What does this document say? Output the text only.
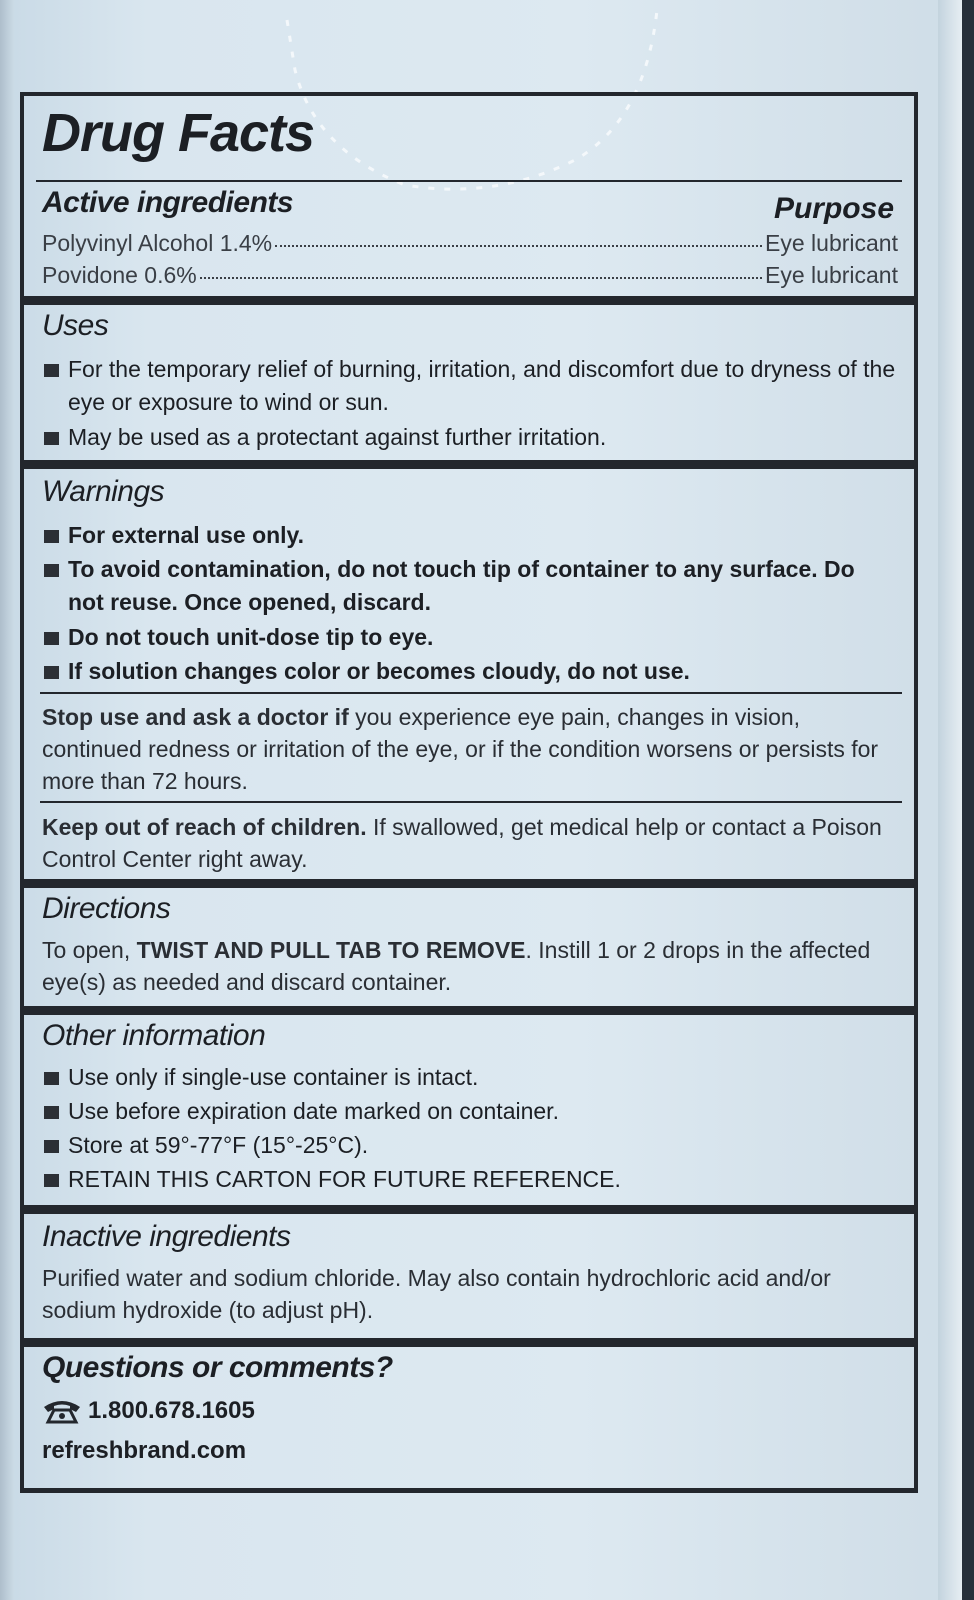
Drug Facts
Active ingredients	Purpose
Polyvinyl Alcohol 1.4%	Eye lubricant
Povidone 0.6%	Eye lubricant
Uses
For the temporary relief of burning, irritation, and discomfort due to dryness of the eye or exposure to wind or sun.
May be used as a protectant against further irritation.
Warnings
For external use only.
To avoid contamination, do not touch tip of container to any surface. Do not reuse. Once opened, discard.
Do not touch unit-dose tip to eye.
If solution changes color or becomes cloudy, do not use.
Stop use and ask a doctor if you experience eye pain, changes in vision, continued redness or irritation of the eye, or if the condition worsens or persists for more than 72 hours.
Keep out of reach of children. If swallowed, get medical help or contact a Poison Control Center right away.
Directions
To open, TWIST AND PULL TAB TO REMOVE. Instill 1 or 2 drops in the affected eye(s) as needed and discard container.
Other information
Use only if single-use container is intact.
Use before expiration date marked on container.
Store at 59°-77°F (15°-25°C).
RETAIN THIS CARTON FOR FUTURE REFERENCE.
Inactive ingredients
Purified water and sodium chloride. May also contain hydrochloric acid and/or sodium hydroxide (to adjust pH).
Questions or comments?
1.800.678.1605
refreshbrand.com
